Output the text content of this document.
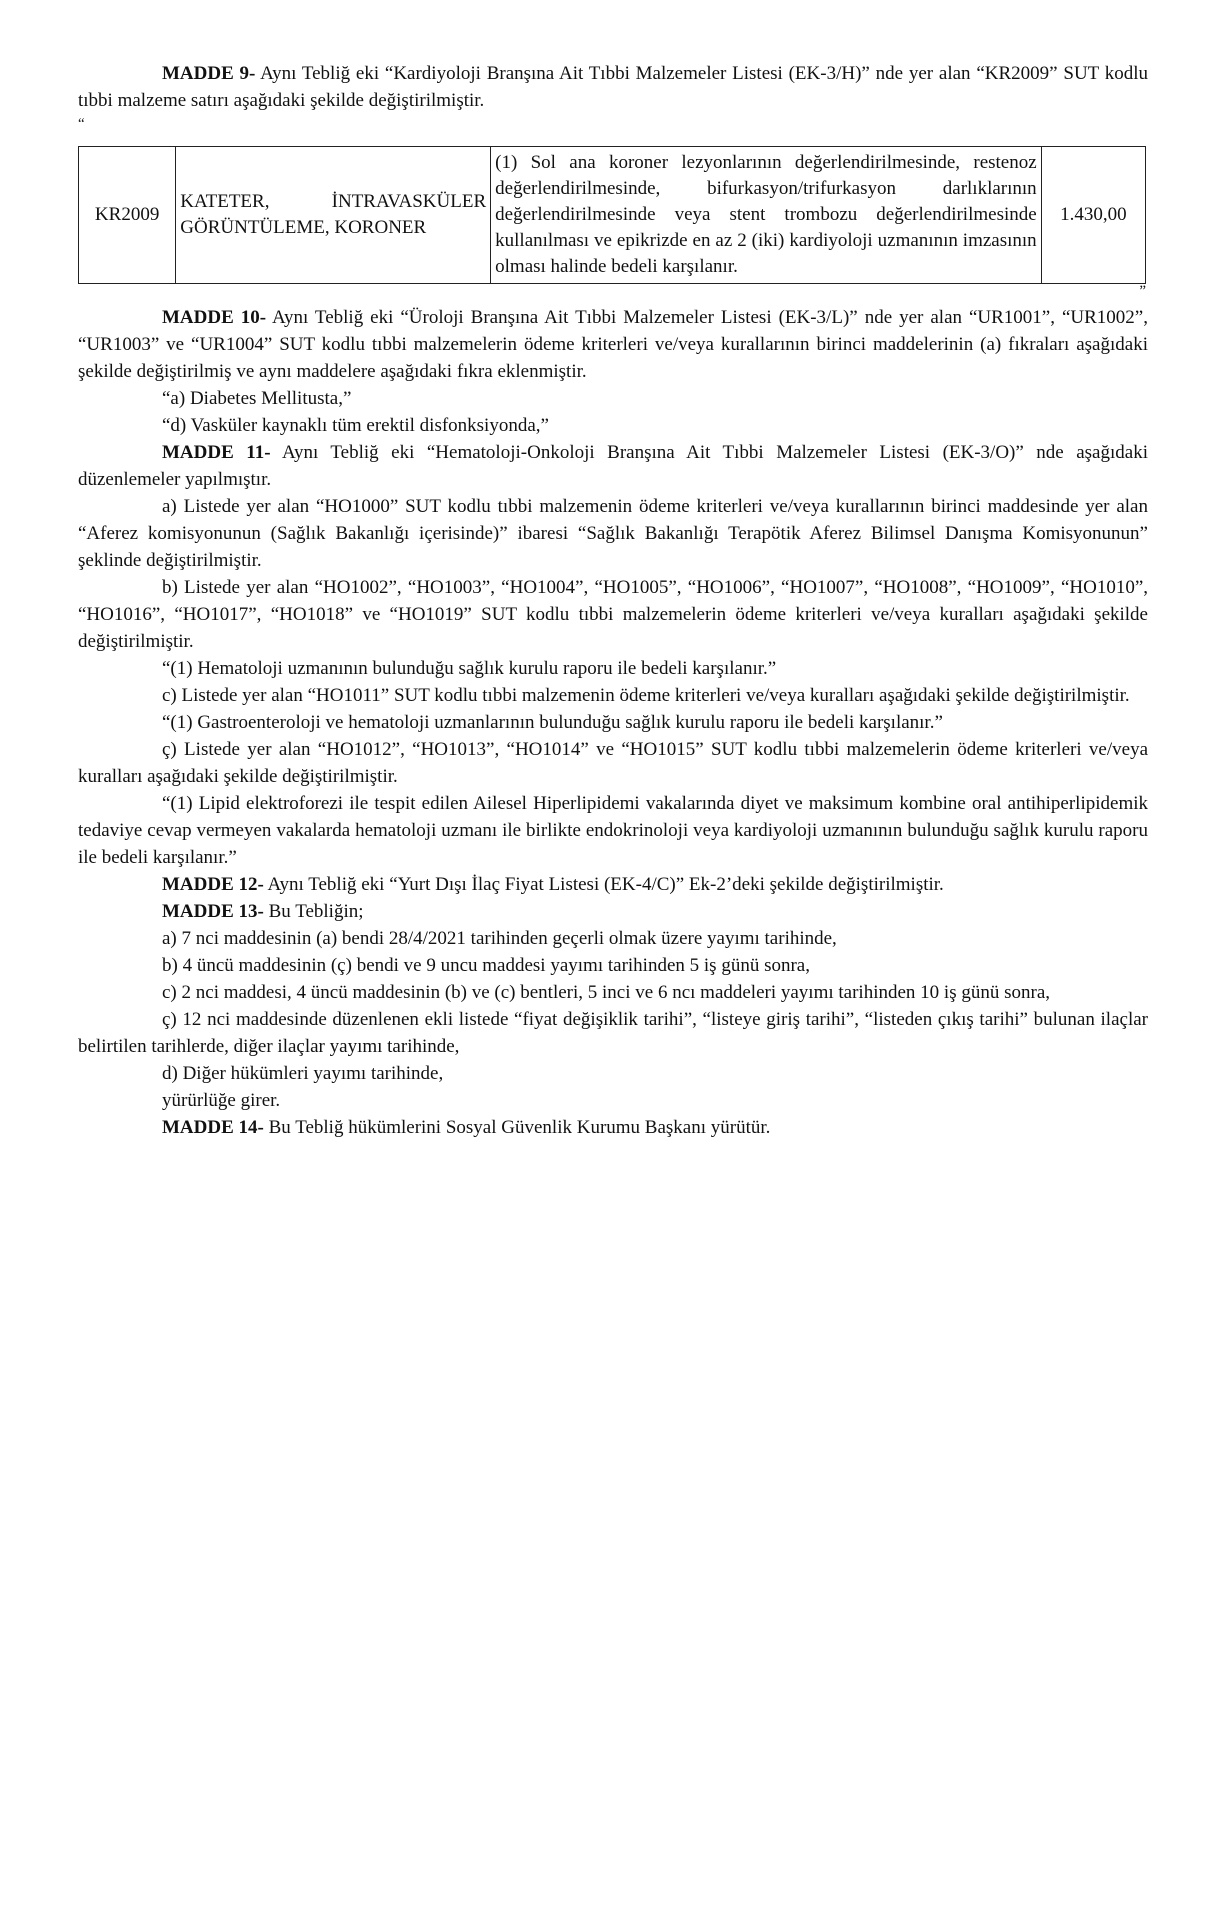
MADDE 9- Aynı Tebliğ eki “Kardiyoloji Branşına Ait Tıbbi Malzemeler Listesi (EK-3/H)” nde yer alan “KR2009” SUT kodlu tıbbi malzeme satırı aşağıdaki şekilde değiştirilmiştir.

“
KR2009	KATETER, İNTRAVASKÜLER GÖRÜNTÜLEME, KORONER	(1) Sol ana koroner lezyonlarının değerlendirilmesinde, restenoz değerlendirilmesinde, bifurkasyon/trifurkasyon darlıklarının değerlendirilmesinde veya stent trombozu değerlendirilmesinde kullanılması ve epikrizde en az 2 (iki) kardiyoloji uzmanının imzasının olması halinde bedeli karşılanır.	1.430,00
”

MADDE 10- Aynı Tebliğ eki “Üroloji Branşına Ait Tıbbi Malzemeler Listesi (EK-3/L)” nde yer alan “UR1001”, “UR1002”, “UR1003” ve “UR1004” SUT kodlu tıbbi malzemelerin ödeme kriterleri ve/veya kurallarının birinci maddelerinin (a) fıkraları aşağıdaki şekilde değiştirilmiş ve aynı maddelere aşağıdaki fıkra eklenmiştir.

“a) Diabetes Mellitusta,”

“d) Vasküler kaynaklı tüm erektil disfonksiyonda,”

MADDE 11- Aynı Tebliğ eki “Hematoloji-Onkoloji Branşına Ait Tıbbi Malzemeler Listesi (EK-3/O)” nde aşağıdaki düzenlemeler yapılmıştır.

a) Listede yer alan “HO1000” SUT kodlu tıbbi malzemenin ödeme kriterleri ve/veya kurallarının birinci maddesinde yer alan “Aferez komisyonunun (Sağlık Bakanlığı içerisinde)” ibaresi “Sağlık Bakanlığı Terapötik Aferez Bilimsel Danışma Komisyonunun” şeklinde değiştirilmiştir.

b) Listede yer alan “HO1002”, “HO1003”, “HO1004”, “HO1005”, “HO1006”, “HO1007”, “HO1008”, “HO1009”, “HO1010”, “HO1016”, “HO1017”, “HO1018” ve “HO1019” SUT kodlu tıbbi malzemelerin ödeme kriterleri ve/veya kuralları aşağıdaki şekilde değiştirilmiştir.

“(1) Hematoloji uzmanının bulunduğu sağlık kurulu raporu ile bedeli karşılanır.”

c) Listede yer alan “HO1011” SUT kodlu tıbbi malzemenin ödeme kriterleri ve/veya kuralları aşağıdaki şekilde değiştirilmiştir.

“(1) Gastroenteroloji ve hematoloji uzmanlarının bulunduğu sağlık kurulu raporu ile bedeli karşılanır.”

ç) Listede yer alan “HO1012”, “HO1013”, “HO1014” ve “HO1015” SUT kodlu tıbbi malzemelerin ödeme kriterleri ve/veya kuralları aşağıdaki şekilde değiştirilmiştir.

“(1) Lipid elektroforezi ile tespit edilen Ailesel Hiperlipidemi vakalarında diyet ve maksimum kombine oral antihiperlipidemik tedaviye cevap vermeyen vakalarda hematoloji uzmanı ile birlikte endokrinoloji veya kardiyoloji uzmanının bulunduğu sağlık kurulu raporu ile bedeli karşılanır.”

MADDE 12- Aynı Tebliğ eki “Yurt Dışı İlaç Fiyat Listesi (EK-4/C)” Ek-2’deki şekilde değiştirilmiştir.

MADDE 13- Bu Tebliğin;

a) 7 nci maddesinin (a) bendi 28/4/2021 tarihinden geçerli olmak üzere yayımı tarihinde,

b) 4 üncü maddesinin (ç) bendi ve 9 uncu maddesi yayımı tarihinden 5 iş günü sonra,

c) 2 nci maddesi, 4 üncü maddesinin (b) ve (c) bentleri, 5 inci ve 6 ncı maddeleri yayımı tarihinden 10 iş günü sonra,

ç) 12 nci maddesinde düzenlenen ekli listede “fiyat değişiklik tarihi”, “listeye giriş tarihi”, “listeden çıkış tarihi” bulunan ilaçlar belirtilen tarihlerde, diğer ilaçlar yayımı tarihinde,

d) Diğer hükümleri yayımı tarihinde,

yürürlüğe girer.

MADDE 14- Bu Tebliğ hükümlerini Sosyal Güvenlik Kurumu Başkanı yürütür.
